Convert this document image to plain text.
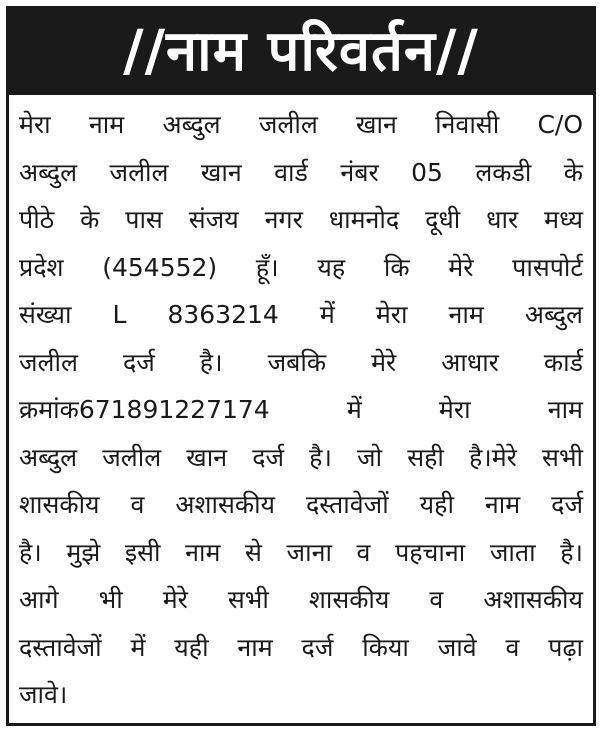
//नाम परिवर्तन//
मेरा नाम अब्दुल जलील खान निवासी C/O
अब्दुल जलील खान वार्ड नंबर 05 लकडी के
पीठे के पास संजय नगर धामनोद दूधी धार मध्य
प्रदेश (454552) हूँ। यह कि मेरे पासपोर्ट
संख्या L 8363214 में मेरा नाम अब्दुल
जलील दर्ज है। जबकि मेरे आधार कार्ड
क्रमांक671891227174 में मेरा नाम
अब्दुल जलील खान दर्ज है। जो सही है।मेरे सभी
शासकीय व अशासकीय दस्तावेजों यही नाम दर्ज
है। मुझे इसी नाम से जाना व पहचाना जाता है।
आगे भी मेरे सभी शासकीय व अशासकीय
दस्तावेजों में यही नाम दर्ज किया जावे व पढ़ा
जावे।
